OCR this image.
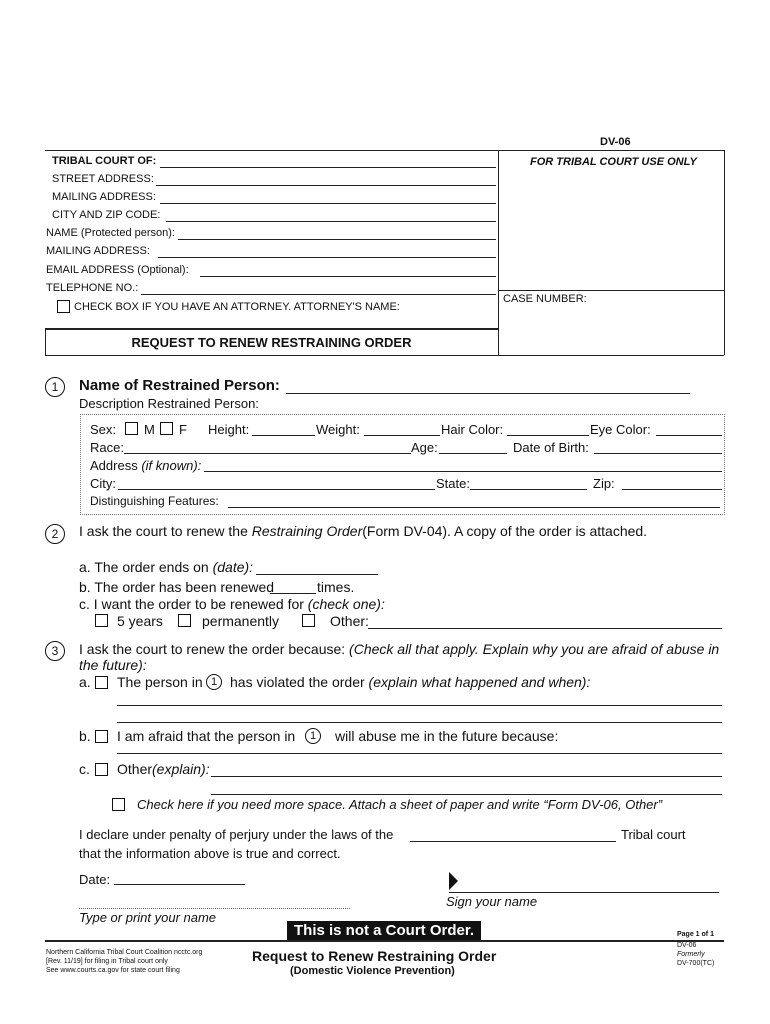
DV-06
TRIBAL COURT OF:
STREET ADDRESS:
MAILING ADDRESS:
CITY AND ZIP CODE:
NAME (Protected person):
MAILING ADDRESS:
EMAIL ADDRESS (Optional):
TELEPHONE NO.:
CHECK BOX IF YOU HAVE AN ATTORNEY. ATTORNEY'S NAME:
FOR TRIBAL COURT USE ONLY
CASE NUMBER:
REQUEST TO RENEW RESTRAINING ORDER
1	Name of Restrained Person:
Description Restrained Person:
Sex: M F Height:	Weight:	Hair Color:	Eye Color:
Race:	Age:	Date of Birth:
Address (if known):
City:	State:	Zip:
Distinguishing Features:
2	I ask the court to renew the Restraining Order(Form DV-04). A copy of the order is attached.
a. The order ends on (date):
b. The order has been renewed	times.
c. I want the order to be renewed for (check one):
5 years	permanently	Other:
3	I ask the court to renew the order because: (Check all that apply. Explain why you are afraid of abuse in
the future):
a. The person in 1 has violated the order (explain what happened and when):
b. I am afraid that the person in	1	will abuse me in the future because:
c. Other(explain):
Check here if you need more space. Attach a sheet of paper and write “Form DV-06, Other”
I declare under penalty of perjury under the laws of the	Tribal court
that the information above is true and correct.
Date:
Sign your name
Type or print your name
This is not a Court Order.
Northern California Tribal Court Coalition ncctc.org
[Rev. 11/19] for filing in Tribal court only
See www.courts.ca.gov for state court filing
Request to Renew Restraining Order
(Domestic Violence Prevention)
Page 1 of 1
DV-06
Formerly
DV-700(TC)
